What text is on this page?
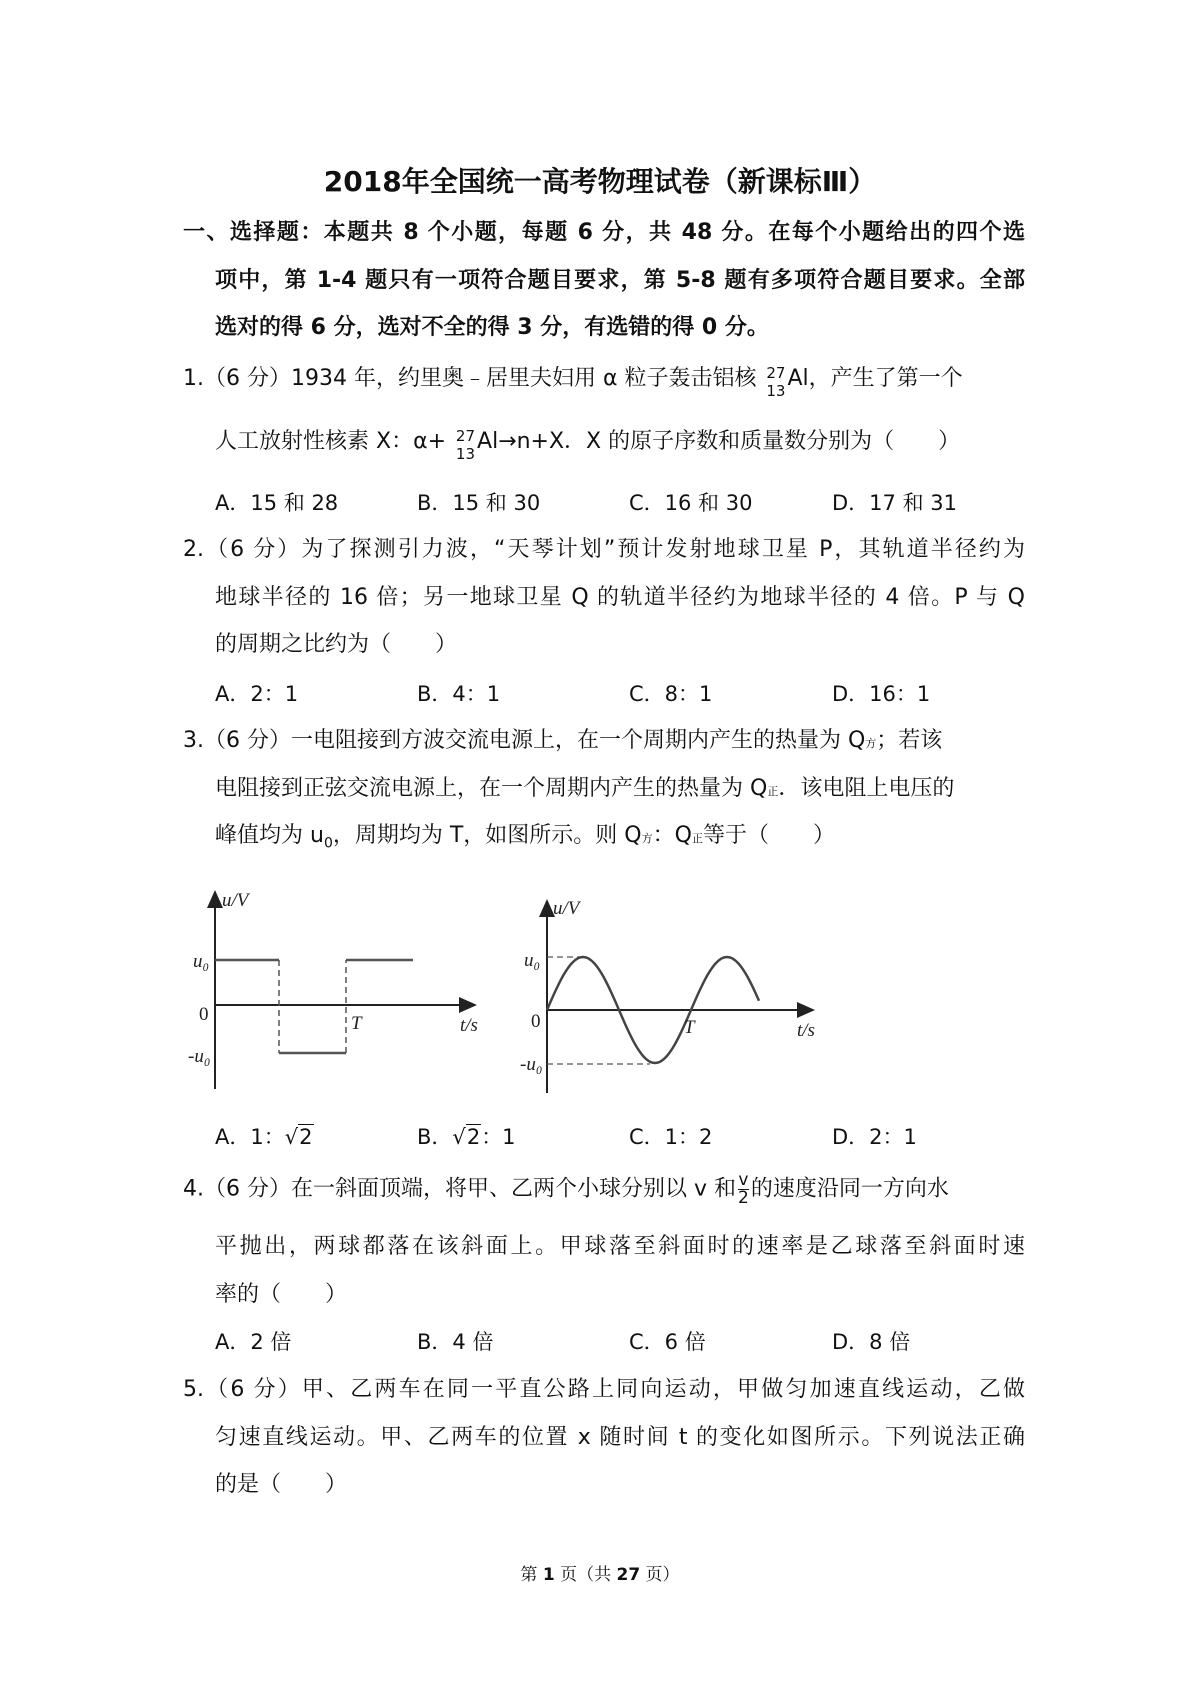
2018年全国统一高考物理试卷（新课标Ⅲ）
一、选择题：本题共 8 个小题，每题 6 分，共 48 分。在每个小题给出的四个选
项中，第 1-4 题只有一项符合题目要求，第 5-8 题有多项符合题目要求。全部
选对的得 6 分，选对不全的得 3 分，有选错的得 0 分。
1.（6 分）1934 年，约里奥﹣居里夫妇用 α 粒子轰击铝核 27
13 Al，产生了第一个
人工放射性核素 X：α+ 27
13 Al→n+X．X 的原子序数和质量数分别为（　　）
A．15 和 28	B．15 和 30	C．16 和 30	D．17 和 31
2.（6 分）为了探测引力波，“天琴计划”预计发射地球卫星 P，其轨道半径约为
地球半径的 16 倍；另一地球卫星 Q 的轨道半径约为地球半径的 4 倍。P 与 Q
的周期之比约为（　　）
A．2：1	B．4：1	C．8：1	D．16：1
3.（6 分）一电阻接到方波交流电源上，在一个周期内产生的热量为 Q方；若该
电阻接到正弦交流电源上，在一个周期内产生的热量为 Q正．该电阻上电压的
峰值均为 $u_0$，周期均为 T，如图所示。则 Q方：Q正等于（　　）
u/V
u₀
0
-u₀
T	t/s
u/V
u₀
0
-u₀
T	t/s
A．1：√2	B．√2：1	C．1：2	D．2：1
4.（6 分）在一斜面顶端，将甲、乙两个小球分别以 v 和 $\frac{v}{2}$ 的速度沿同一方向水
平抛出，两球都落在该斜面上。甲球落至斜面时的速率是乙球落至斜面时速
率的（　　）
A．2 倍	B．4 倍	C．6 倍	D．8 倍
5.（6 分）甲、乙两车在同一平直公路上同向运动，甲做匀加速直线运动，乙做
匀速直线运动。甲、乙两车的位置 x 随时间 t 的变化如图所示。下列说法正确
的是（　　）
第 1 页（共 27 页）
